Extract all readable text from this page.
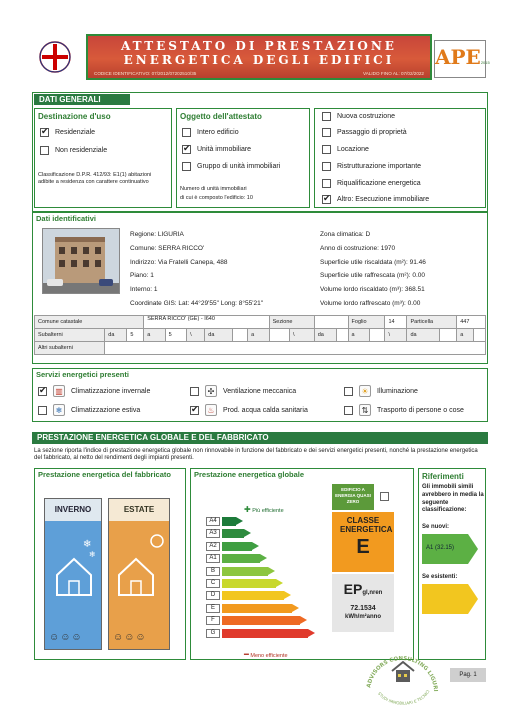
ATTESTATO DI PRESTAZIONE
ENERGETICA DEGLI EDIFICI
CODICE IDENTIFICATIVO: 07/2012/07202510/35	VALIDO FINO AL: 07/02/2022
APE2015
DATI GENERALI
Destinazione d'uso
✔
Residenziale
Non residenziale
Classificazione D.P.R. 412/93: E1(1) abitazioni adibite a residenza con carattere continuativo
Oggetto dell'attestato
Intero edificio
✔
Unità immobiliare
Gruppo di unità immobiliari
Numero di unità immobiliari
di cui è composto l'edificio: 10
Nuova costruzione
Passaggio di proprietà
Locazione
Ristrutturazione importante
Riqualificazione energetica
✔
Altro: Esecuzione immobiliare
Dati identificativi
Regione: LIGURIA
Comune: SERRA RICCO'
Indirizzo: Via Fratelli Canepa, 488
Piano: 1
Interno: 1
Coordinate GIS: Lat: 44°29'55" Long: 8°55'21"
Zona climatica: D
Anno di costruzione: 1970
Superficie utile riscaldata (m²): 91.46
Superficie utile raffrescata (m²): 0.00
Volume lordo riscaldato (m³): 368.51
Volume lordo raffrescato (m³): 0.00
Comune catastale			SERRA RICCO' (GE) - I640						Sezione				Foglio		14	Particella		447	
Subalterni	da	5	a	5	\	da		a		\	da		a		\	da		a	
Altri subalterni																			
Servizi energetici presenti
✔
▥	Climatizzazione invernale	✣	Ventilazione meccanica	☀	Illuminazione
❄	Climatizzazione estiva ✔	♨	Prod. acqua calda sanitaria	⇅	Trasporto di persone o cose
PRESTAZIONE ENERGETICA GLOBALE E DEL FABBRICATO
La sezione riporta l'indice di prestazione energetica globale non rinnovabile in funzione del fabbricato e dei servizi energetici presenti, nonché la prestazione energetica del fabbricato, al netto del rendimenti degli impianti presenti.
Prestazione energetica del fabbricato
INVERNO
❄
❄
☺☺☺
ESTATE
☺☺☺
Prestazione energetica globale
✚ Più efficiente
A4
A3
A2
A1
B
C
D
E
F
G
━ Meno efficiente
EDIFICIO A ENERGIA QUASI ZERO
CLASSE ENERGETICA
E
EPgl,nren
72.1534
kWh/m²anno
Riferimenti
Gli immobili simili avrebbero in media la seguente classificazione:
Se nuovi:
A1 (32.15)
Se esistenti:
ADVISORS CONSULTING LIGURI
STUDI IMMOBILIARI E TECNICI
Pag. 1
